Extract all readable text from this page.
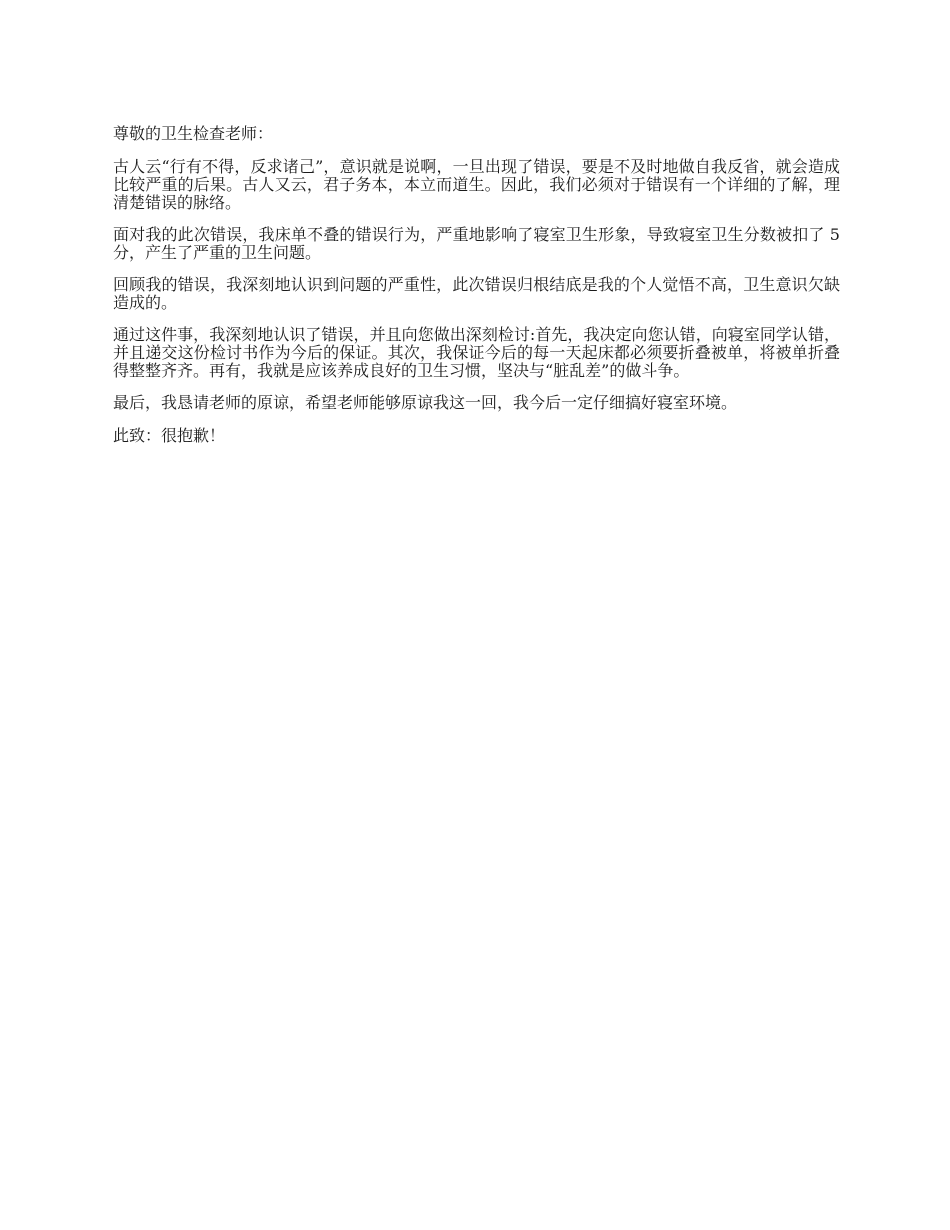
尊敬的卫生检查老师：

古人云“行有不得，反求诸己”，意识就是说啊，一旦出现了错误，要是不及时地做自我反省，就会造成比较严重的后果。古人又云，君子务本，本立而道生。因此，我们必须对于错误有一个详细的了解，理清楚错误的脉络。

面对我的此次错误，我床单不叠的错误行为，严重地影响了寝室卫生形象，导致寝室卫生分数被扣了 5 分，产生了严重的卫生问题。

回顾我的错误，我深刻地认识到问题的严重性，此次错误归根结底是我的个人觉悟不高，卫生意识欠缺造成的。

通过这件事，我深刻地认识了错误，并且向您做出深刻检讨:首先，我决定向您认错，向寝室同学认错，并且递交这份检讨书作为今后的保证。其次，我保证今后的每一天起床都必须要折叠被单，将被单折叠得整整齐齐。再有，我就是应该养成良好的卫生习惯，坚决与“脏乱差”的做斗争。

最后，我恳请老师的原谅，希望老师能够原谅我这一回，我今后一定仔细搞好寝室环境。

此致：很抱歉！
